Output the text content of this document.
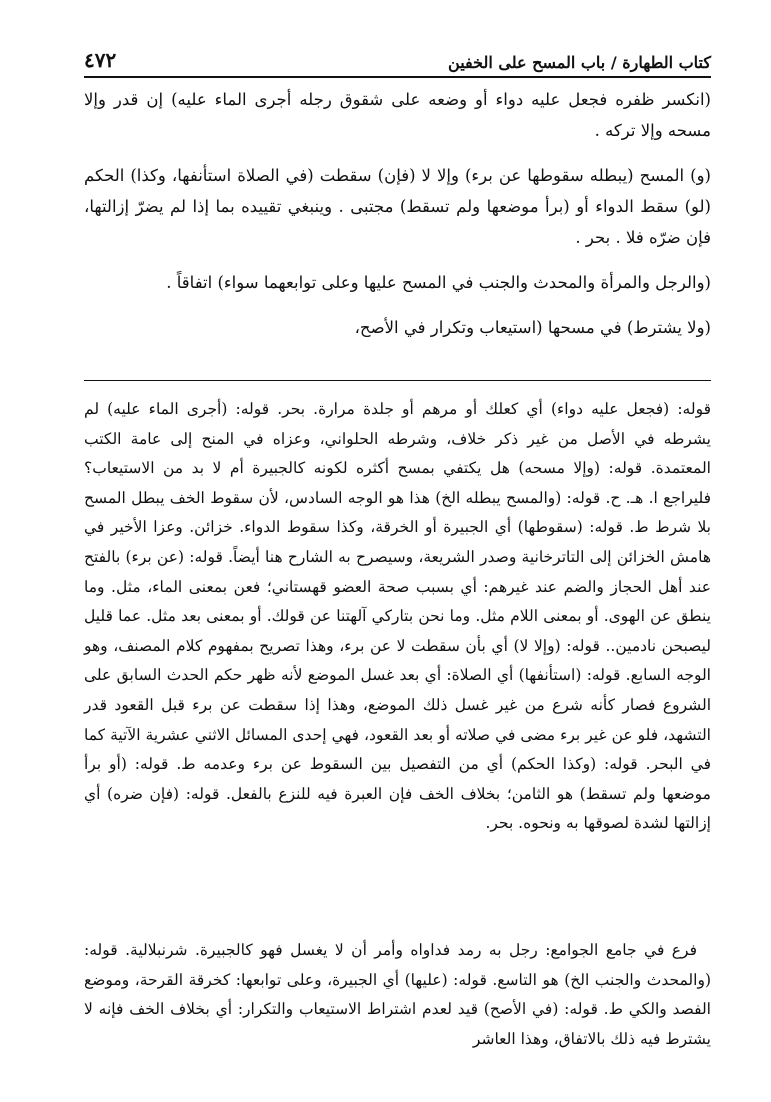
٤٧٢	كتاب الطهارة / باب المسح على الخفين

(انكسر ظفره فجعل عليه دواء أو وضعه على شقوق رجله أجرى الماء عليه) إن قدر وإلا مسحه وإلا تركه .

(و) المسح (يبطله سقوطها عن برء) وإلا لا (فإن) سقطت (في الصلاة استأنفها، وكذا) الحكم (لو) سقط الدواء أو (برأ موضعها ولم تسقط) مجتبى . وينبغي تقييده بما إذا لم يضرّ إزالتها، فإن ضرّه فلا . بحر .

(والرجل والمرأة والمحدث والجنب في المسح عليها وعلى توابعهما سواء) اتفاقاً .

(ولا يشترط) في مسحها (استيعاب وتكرار في الأصح،

قوله: (فجعل عليه دواء) أي كعلك أو مرهم أو جلدة مرارة. بحر. قوله: (أجرى الماء عليه) لم يشرطه في الأصل من غير ذكر خلاف، وشرطه الحلواني، وعزاه في المنح إلى عامة الكتب المعتمدة. قوله: (وإلا مسحه) هل يكتفي بمسح أكثره لكونه كالجبيرة أم لا بد من الاستيعاب؟ فليراجع ا. هـ. ح. قوله: (والمسح يبطله الخ) هذا هو الوجه السادس، لأن سقوط الخف يبطل المسح بلا شرط ط. قوله: (سقوطها) أي الجبيرة أو الخرقة، وكذا سقوط الدواء. خزائن. وعزا الأخير في هامش الخزائن إلى التاترخانية وصدر الشريعة، وسيصرح به الشارح هنا أيضاً. قوله: (عن برء) بالفتح عند أهل الحجاز والضم عند غيرهم: أي بسبب صحة العضو قهستاني؛ فعن بمعنى الماء، مثل. وما ينطق عن الهوى. أو بمعنى اللام مثل. وما نحن بتاركي آلهتنا عن قولك. أو بمعنى بعد مثل. عما قليل ليصبحن نادمين.. قوله: (وإلا لا) أي بأن سقطت لا عن برء، وهذا تصريح بمفهوم كلام المصنف، وهو الوجه السابع. قوله: (استأنفها) أي الصلاة: أي بعد غسل الموضع لأنه ظهر حكم الحدث السابق على الشروع فصار كأنه شرع من غير غسل ذلك الموضع، وهذا إذا سقطت عن برء قبل القعود قدر التشهد، فلو عن غير برء مضى في صلاته أو بعد القعود، فهي إحدى المسائل الاثني عشرية الآتية كما في البحر. قوله: (وكذا الحكم) أي من التفصيل بين السقوط عن برء وعدمه ط. قوله: (أو برأ موضعها ولم تسقط) هو الثامن؛ بخلاف الخف فإن العبرة فيه للنزع بالفعل. قوله: (فإن ضره) أي إزالتها لشدة لصوقها به ونحوه. بحر.

فرع في جامع الجوامع: رجل به رمد فداواه وأمر أن لا يغسل فهو كالجبيرة. شرنبلالية. قوله: (والمحدث والجنب الخ) هو التاسع. قوله: (عليها) أي الجبيرة، وعلى توابعها: كخرقة القرحة، وموضع الفصد والكي ط. قوله: (في الأصح) قيد لعدم اشتراط الاستيعاب والتكرار: أي بخلاف الخف فإنه لا يشترط فيه ذلك بالاتفاق، وهذا العاشر
